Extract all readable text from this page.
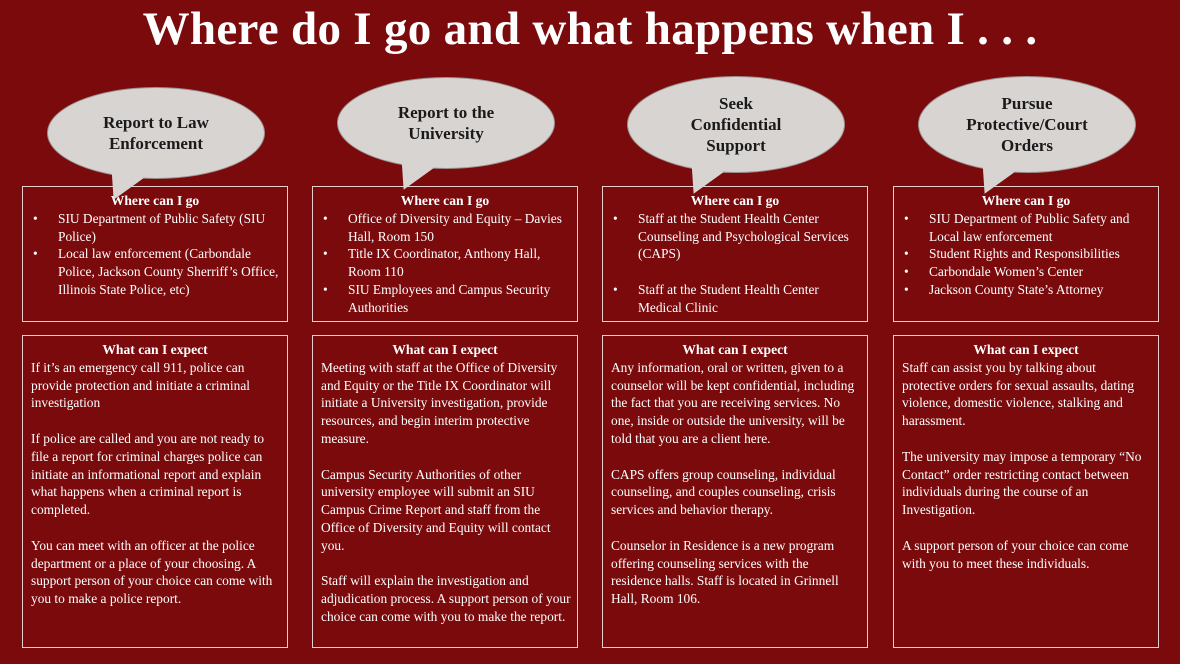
Where do I go and what happens when I . . .
Report to Law
Enforcement
Where can I go
• SIU Department of Public Safety (SIU Police)
• Local law enforcement (Carbondale Police, Jackson County Sherriff’s Office, Illinois State Police, etc)
What can I expect

If it’s an emergency call 911, police can provide protection and initiate a criminal investigation

If police are called and you are not ready to file a report for criminal charges police can initiate an informational report and explain what happens when a criminal report is completed.

You can meet with an officer at the police department or a place of your choosing. A support person of your choice can come with you to make a police report.

Report to the
University
Where can I go
• Office of Diversity and Equity – Davies Hall, Room 150
• Title IX Coordinator, Anthony Hall, Room 110
• SIU Employees and Campus Security Authorities
What can I expect

Meeting with staff at the Office of Diversity and Equity or the Title IX Coordinator will initiate a University investigation, provide resources, and begin interim protective measure.

Campus Security Authorities of other university employee will submit an SIU Campus Crime Report and staff from the Office of Diversity and Equity will contact you.

Staff will explain the investigation and adjudication process. A support person of your choice can come with you to make the report.

Seek
Confidential
Support
Where can I go
• Staff at the Student Health Center Counseling and Psychological Services (CAPS)
• Staff at the Student Health Center Medical Clinic
What can I expect

Any information, oral or written, given to a counselor will be kept confidential, including the fact that you are receiving services. No one, inside or outside the university, will be told that you are a client here.

CAPS offers group counseling, individual counseling, and couples counseling, crisis services and behavior therapy.

Counselor in Residence is a new program offering counseling services with the residence halls. Staff is located in Grinnell Hall, Room 106.

Pursue
Protective/Court
Orders
Where can I go
• SIU Department of Public Safety and Local law enforcement
• Student Rights and Responsibilities
• Carbondale Women’s Center
• Jackson County State’s Attorney
What can I expect

Staff can assist you by talking about protective orders for sexual assaults, dating violence, domestic violence, stalking and harassment.

The university may impose a temporary “No Contact” order restricting contact between individuals during the course of an Investigation.

A support person of your choice can come with you to meet these individuals.
